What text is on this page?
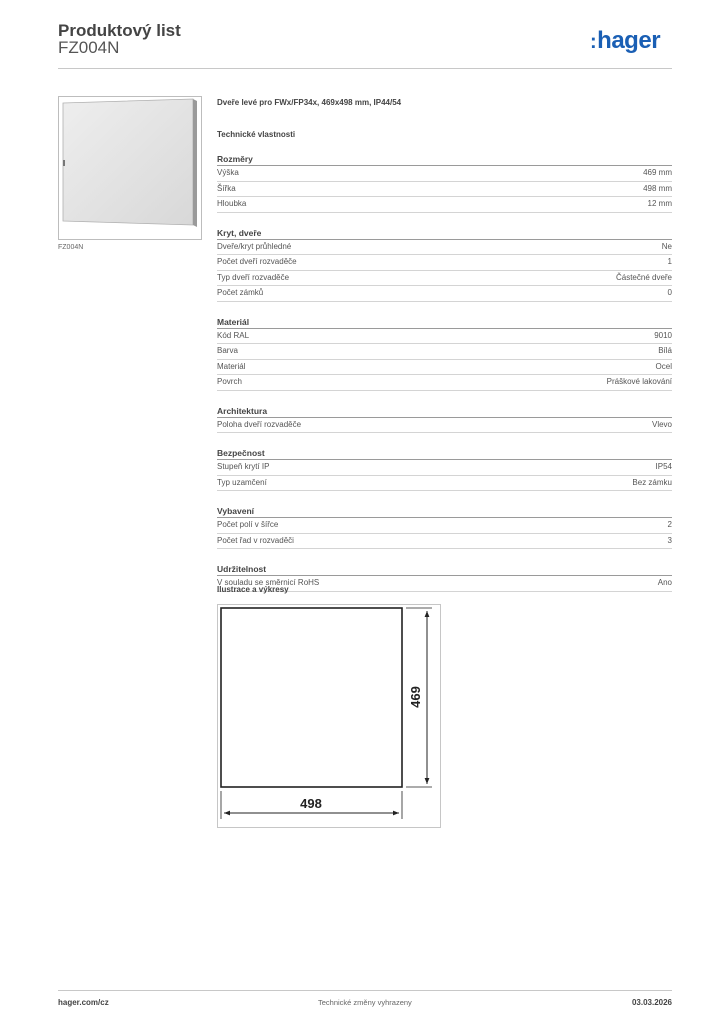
Produktový list
FZ004N	:hager
FZ004N
Dveře levé pro FWx/FP34x, 469x498 mm, IP44/54
Technické vlastnosti
Rozměry
Výška	469 mm
Šířka	498 mm
Hloubka	12 mm
Kryt, dveře
Dveře/kryt průhledné	Ne
Počet dveří rozvaděče	1
Typ dveří rozvaděče	Částečné dveře
Počet zámků	0
Materiál
Kód RAL	9010
Barva	Bílá
Materiál	Ocel
Povrch	Práškové lakování
Architektura
Poloha dveří rozvaděče	Vlevo
Bezpečnost
Stupeň krytí IP	IP54
Typ uzamčení	Bez zámku
Vybavení
Počet polí v šířce	2
Počet řad v rozvaděči	3
Udržitelnost
V souladu se směrnicí RoHS	Ano
Ilustrace a výkresy
469
498
hager.com/cz	Technické změny vyhrazeny	03.03.2026
